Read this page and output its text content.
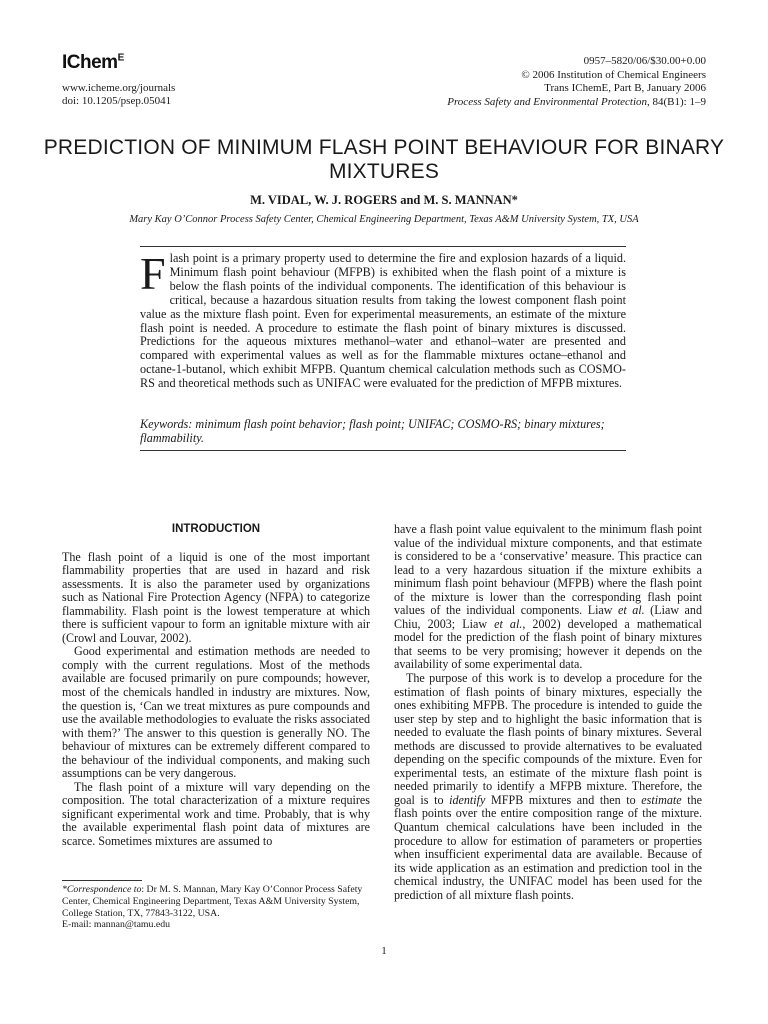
IChem$^E$
www.icheme.org/journals
doi: 10.1205/psep.05041
0957–5820/06/$30.00+0.00
© 2006 Institution of Chemical Engineers
Trans IChemE, Part B, January 2006
Process Safety and Environmental Protection, 84(B1): 1–9
PREDICTION OF MINIMUM FLASH POINT BEHAVIOUR FOR BINARY MIXTURES
M. VIDAL, W. J. ROGERS and M. S. MANNAN*
Mary Kay O’Connor Process Safety Center, Chemical Engineering Department, Texas A&M University System, TX, USA
Flash point is a primary property used to determine the fire and explosion hazards of a liquid. Minimum flash point behaviour (MFPB) is exhibited when the flash point of a mixture is below the flash points of the individual components. The identification of this behaviour is critical, because a hazardous situation results from taking the lowest component flash point value as the mixture flash point. Even for experimental measurements, an estimate of the mixture flash point is needed. A procedure to estimate the flash point of binary mixtures is discussed. Predictions for the aqueous mixtures methanol–water and ethanol–water are presented and compared with experimental values as well as for the flammable mixtures octane–ethanol and octane-1-butanol, which exhibit MFPB. Quantum chemical calculation methods such as COSMO-RS and theoretical methods such as UNIFAC were evaluated for the prediction of MFPB mixtures.
Keywords: minimum flash point behavior; flash point; UNIFAC; COSMO-RS; binary mixtures; flammability.
INTRODUCTION

The flash point of a liquid is one of the most important flammability properties that are used in hazard and risk assessments. It is also the parameter used by organizations such as National Fire Protection Agency (NFPA) to categorize flammability. Flash point is the lowest temperature at which there is sufficient vapour to form an ignitable mixture with air (Crowl and Louvar, 2002).

Good experimental and estimation methods are needed to comply with the current regulations. Most of the methods available are focused primarily on pure compounds; however, most of the chemicals handled in industry are mixtures. Now, the question is, ‘Can we treat mixtures as pure compounds and use the available methodologies to evaluate the risks associated with them?’ The answer to this question is generally NO. The behaviour of mixtures can be extremely different compared to the behaviour of the individual components, and making such assumptions can be very dangerous.

The flash point of a mixture will vary depending on the composition. The total characterization of a mixture requires significant experimental work and time. Probably, that is why the available experimental flash point data of mixtures are scarce. Sometimes mixtures are assumed to

have a flash point value equivalent to the minimum flash point value of the individual mixture components, and that estimate is considered to be a ‘conservative’ measure. This practice can lead to a very hazardous situation if the mixture exhibits a minimum flash point behaviour (MFPB) where the flash point of the mixture is lower than the corresponding flash point values of the individual components. Liaw et al. (Liaw and Chiu, 2003; Liaw et al., 2002) developed a mathematical model for the prediction of the flash point of binary mixtures that seems to be very promising; however it depends on the availability of some experimental data.

The purpose of this work is to develop a procedure for the estimation of flash points of binary mixtures, especially the ones exhibiting MFPB. The procedure is intended to guide the user step by step and to highlight the basic information that is needed to evaluate the flash points of binary mixtures. Several methods are discussed to provide alternatives to be evaluated depending on the specific compounds of the mixture. Even for experimental tests, an estimate of the mixture flash point is needed primarily to identify a MFPB mixture. Therefore, the goal is to identify MFPB mixtures and then to estimate the flash points over the entire composition range of the mixture. Quantum chemical calculations have been included in the procedure to allow for estimation of parameters or properties when insufficient experimental data are available. Because of its wide application as an estimation and prediction tool in the chemical industry, the UNIFAC model has been used for the prediction of all mixture flash points.

*Correspondence to: Dr M. S. Mannan, Mary Kay O’Connor Process Safety Center, Chemical Engineering Department, Texas A&M University System, College Station, TX, 77843-3122, USA.
E-mail: mannan@tamu.edu
1
